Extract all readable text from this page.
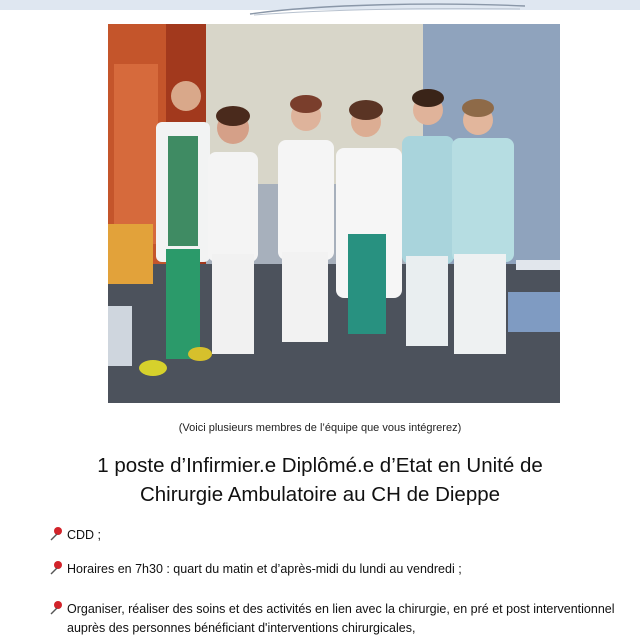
(Voici plusieurs membres de l’équipe que vous intégrerez)
1 poste d’Infirmier.e Diplômé.e d’Etat en Unité de
Chirurgie Ambulatoire au CH de Dieppe
CDD ;
Horaires en 7h30 : quart du matin et d’après-midi du lundi au vendredi ;
Organiser, réaliser des soins et des activités en lien avec la chirurgie, en pré et post interventionnel auprès des personnes bénéficiant d'interventions chirurgicales,
